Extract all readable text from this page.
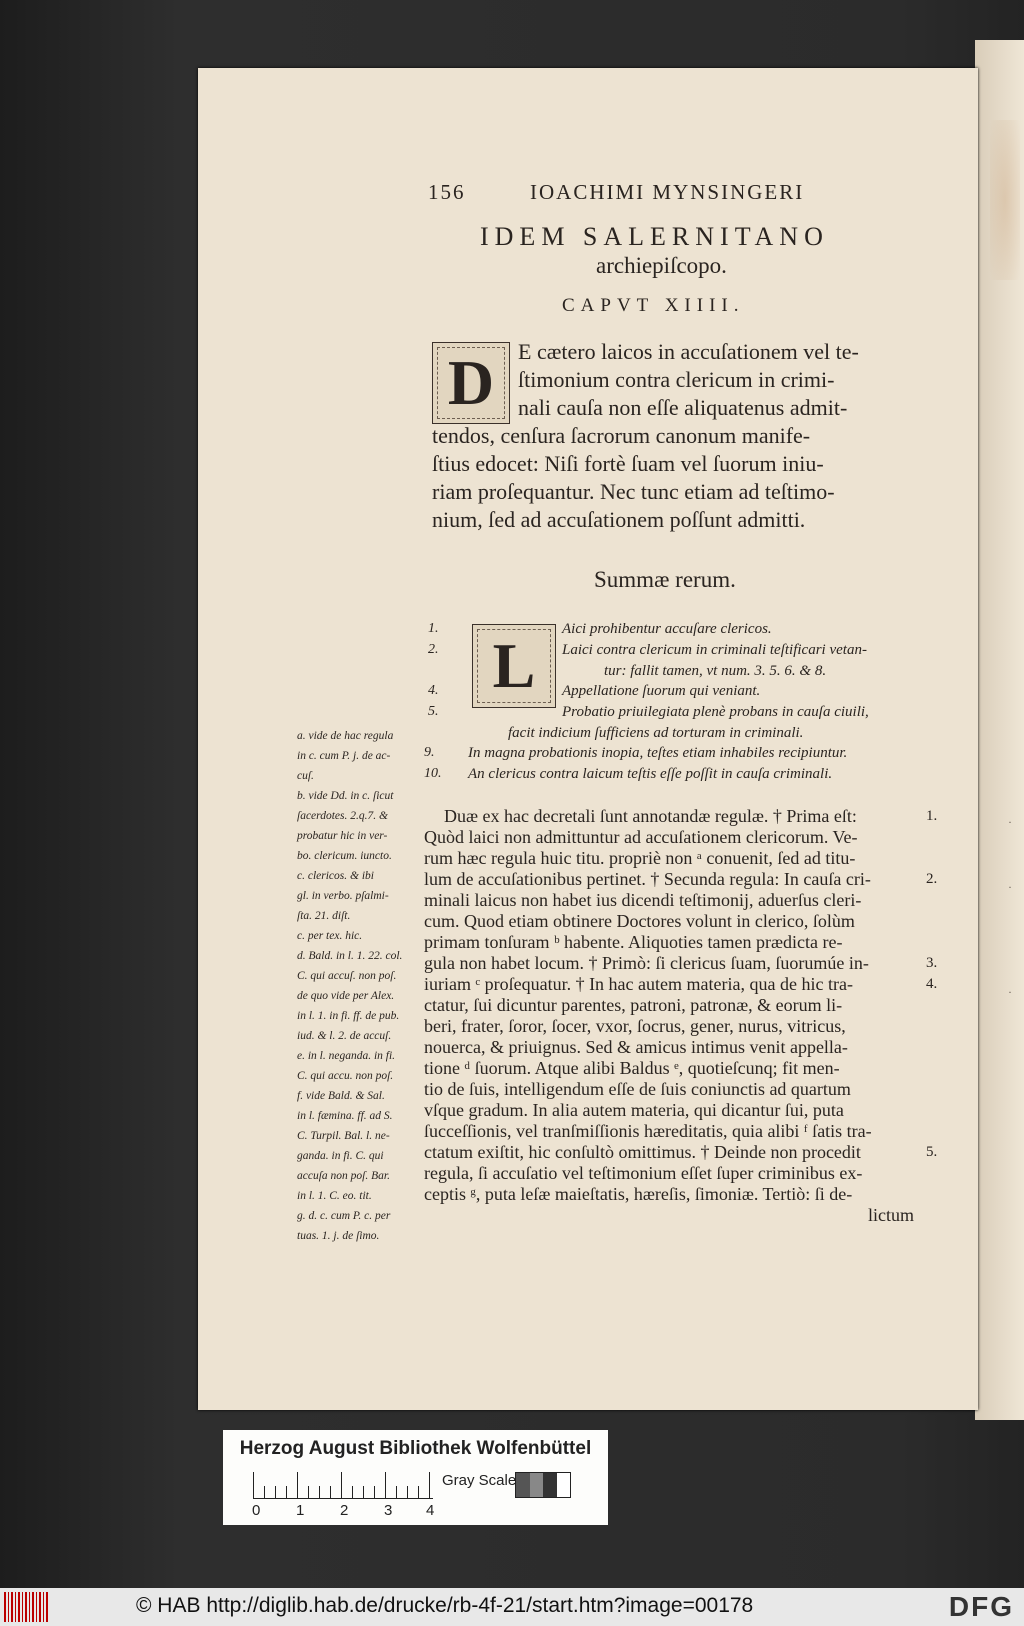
156	IOACHIMI MYNSINGERI
IDEM SALERNITANO
archiepiſcopo.
CAPVT XIIII.
D	E cætero laicos in accuſationem vel te-
ſtimonium contra clericum in crimi-
nali cauſa non eſſe aliquatenus admit-
tendos, cenſura ſacrorum canonum manife-
ſtius edocet: Niſi fortè ſuam vel ſuorum iniu-
riam proſequantur. Nec tunc etiam ad teſtimo-
nium, ſed ad accuſationem poſſunt admitti.
Summæ rerum.
L
1.	Aici prohibentur accuſare clericos.
2.	Laici contra clericum in criminali teſtificari vetan-
tur: fallit tamen, vt num. 3. 5. 6. & 8.
4.	Appellatione ſuorum qui veniant.
5.	Probatio priuilegiata plenè probans in cauſa ciuili,
facit indicium ſufficiens ad torturam in criminali.
9. In magna probationis inopia, teſtes etiam inhabiles recipiuntur.
10. An clericus contra laicum teſtis eſſe poſſit in cauſa criminali.
Duæ ex hac decretali ſunt annotandæ regulæ. † Prima eſt:
Quòd laici non admittuntur ad accuſationem clericorum. Ve-
rum hæc regula huic titu. propriè non ᵃ conuenit, ſed ad titu-
lum de accuſationibus pertinet. † Secunda regula: In cauſa cri-
minali laicus non habet ius dicendi teſtimonij, aduerſus cleri-
cum. Quod etiam obtinere Doctores volunt in clerico, ſolùm
primam tonſuram ᵇ habente. Aliquoties tamen prædicta re-
gula non habet locum. † Primò: ſi clericus ſuam, ſuorumúe in-
iuriam ᶜ proſequatur. † In hac autem materia, qua de hic tra-
ctatur, ſui dicuntur parentes, patroni, patronæ, & eorum li-
beri, frater, ſoror, ſocer, vxor, ſocrus, gener, nurus, vitricus,
nouerca, & priuignus. Sed & amicus intimus venit appella-
tione ᵈ ſuorum. Atque alibi Baldus ᵉ, quotieſcunq; fit men-
tio de ſuis, intelligendum eſſe de ſuis coniunctis ad quartum
vſque gradum. In alia autem materia, qui dicantur ſui, puta
ſucceſſionis, vel tranſmiſſionis hæreditatis, quia alibi ᶠ ſatis tra-
ctatum exiſtit, hic conſultò omittimus. † Deinde non procedit
regula, ſi accuſatio vel teſtimonium eſſet ſuper criminibus ex-
ceptis ᵍ, puta leſæ maieſtatis, hæreſis, ſimoniæ. Tertiò: ſi de-
lictum
1.
2.
3.
4.
5.
·
·
·
a. vide de hac regula
in c. cum P. j. de ac-
cuſ.
b. vide Dd. in c. ſicut
ſacerdotes. 2.q.7. &
probatur hic in ver-
bo. clericum. iuncto.
c. clericos. & ibi
gl. in verbo. pſalmi-
ſta. 21. diſt.
c. per tex. hic.
d. Bald. in l. 1. 22. col.
C. qui accuſ. non poſ.
de quo vide per Alex.
in l. 1. in fi. ff. de pub.
iud. & l. 2. de accuſ.
e. in l. neganda. in fi.
C. qui accu. non poſ.
f. vide Bald. & Sal.
in l. fæmina. ff. ad S.
C. Turpil. Bal. l. ne-
ganda. in fi. C. qui
accuſa non poſ. Bar.
in l. 1. C. eo. tit.
g. d. c. cum P. c. per
tuas. 1. j. de ſimo.
Herzog August Bibliothek Wolfenbüttel
0 1 2 3 4
Gray Scale
© HAB http://diglib.hab.de/drucke/rb-4f-21/start.htm?image=00178	DFG
